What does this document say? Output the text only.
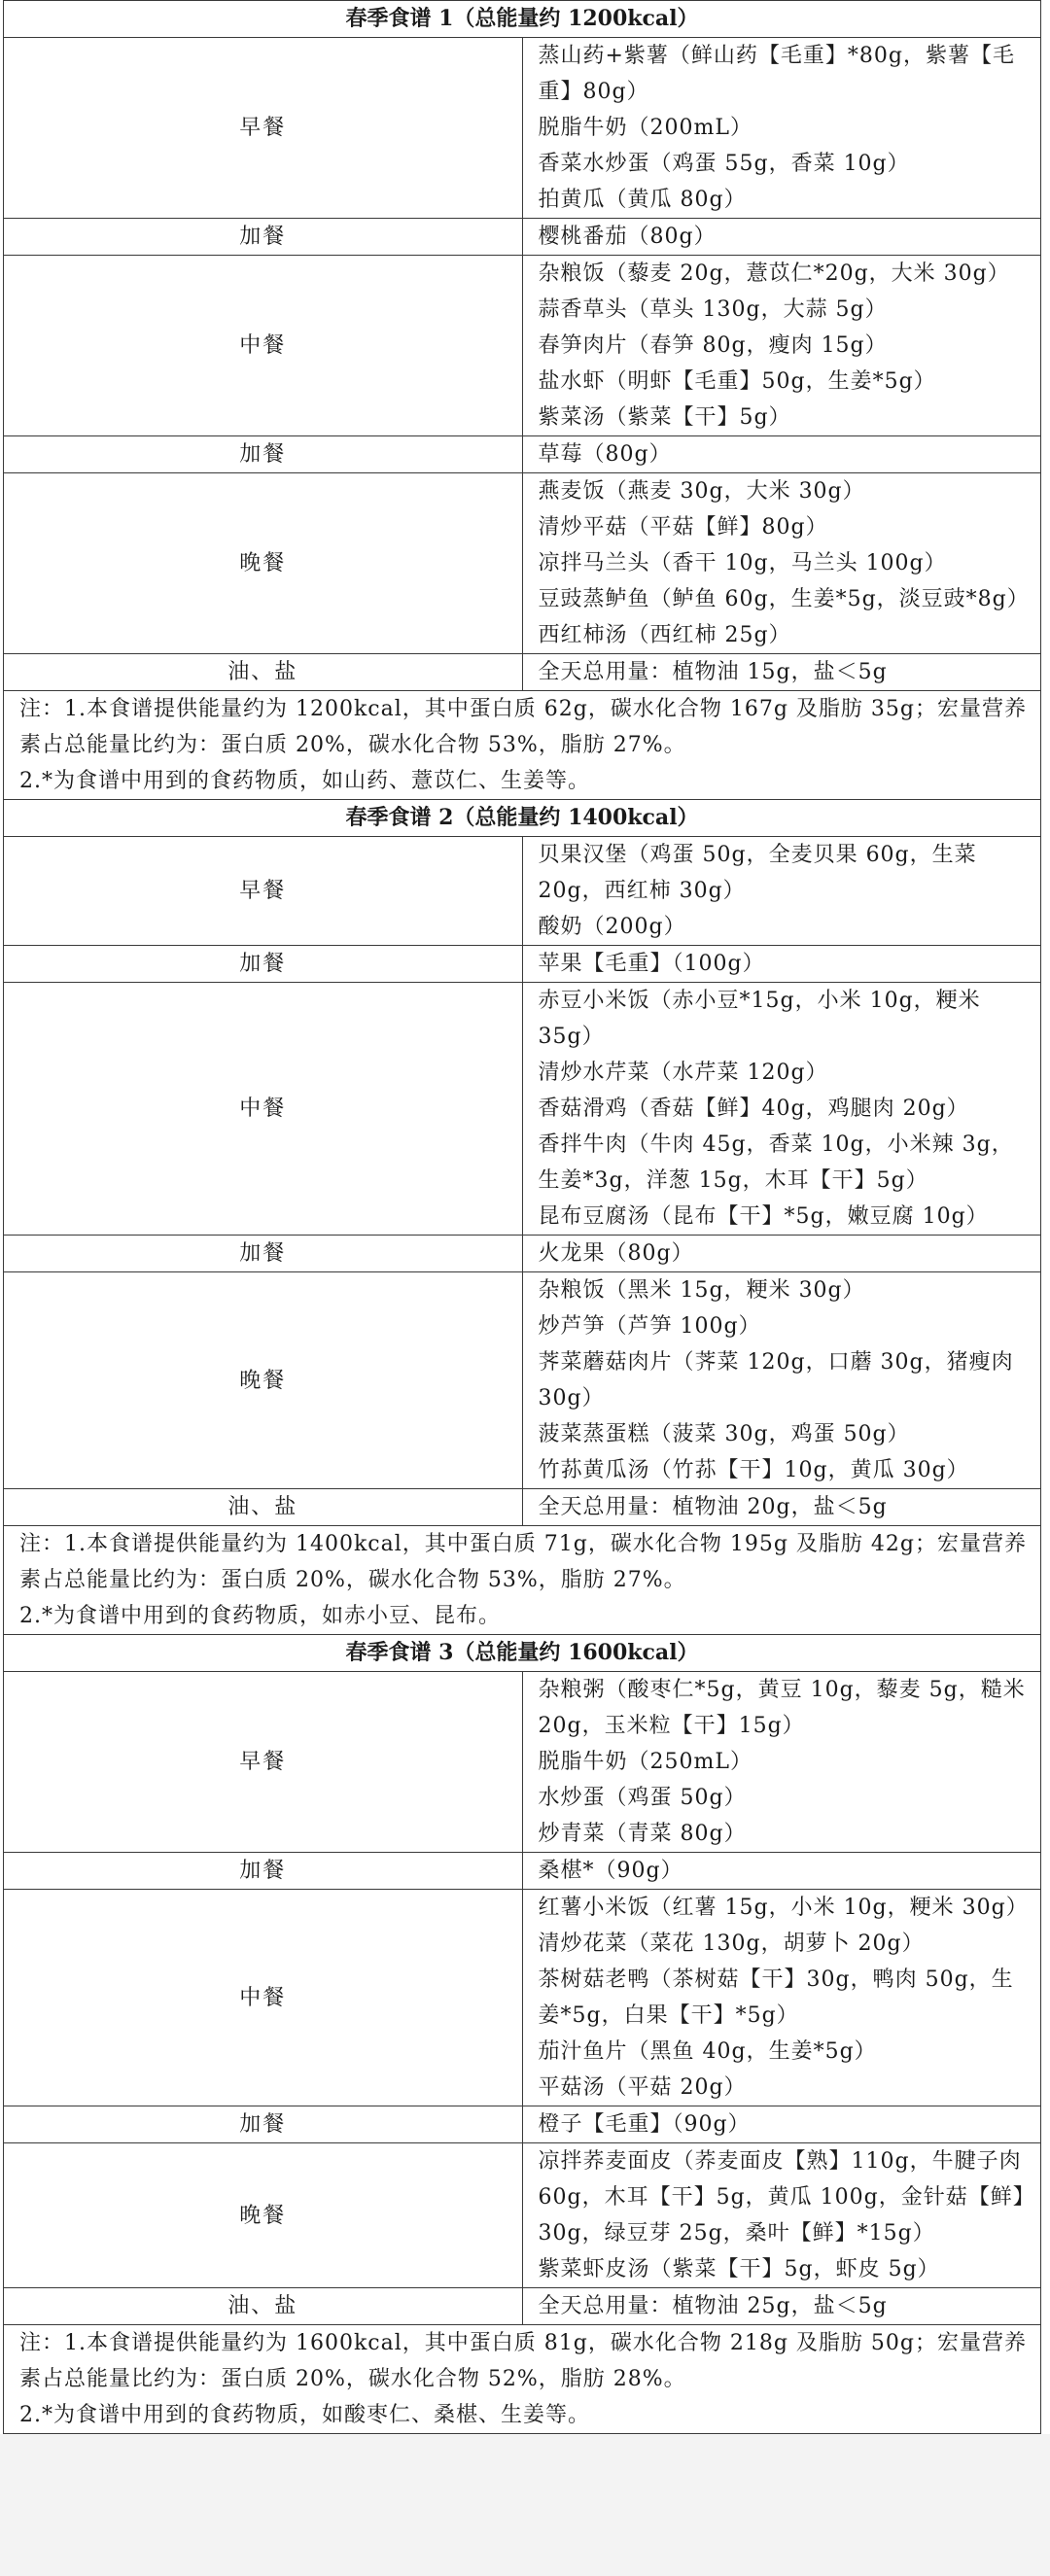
春季食谱 1（总能量约 1200kcal）	
早餐	蒸山药+紫薯（鲜山药【毛重】*80g，紫薯【毛重】80g）
脱脂牛奶（200mL）
香菜水炒蛋（鸡蛋 55g，香菜 10g）
拍黄瓜（黄瓜 80g）

加餐	樱桃番茄（80g）

中餐	杂粮饭（藜麦 20g，薏苡仁*20g，大米 30g）
蒜香草头（草头 130g，大蒜 5g）
春笋肉片（春笋 80g，瘦肉 15g）
盐水虾（明虾【毛重】50g，生姜*5g）
紫菜汤（紫菜【干】5g）

加餐	草莓（80g）

晚餐	燕麦饭（燕麦 30g，大米 30g）
清炒平菇（平菇【鲜】80g）
凉拌马兰头（香干 10g，马兰头 100g）
豆豉蒸鲈鱼（鲈鱼 60g，生姜*5g，淡豆豉*8g）
西红柿汤（西红柿 25g）

油、盐	全天总用量：植物油 15g，盐＜5g

注：1.本食谱提供能量约为 1200kcal，其中蛋白质 62g，碳水化合物 167g 及脂肪 35g；宏量营养素占总能量比约为：蛋白质 20%，碳水化合物 53%，脂肪 27%。
2.*为食谱中用到的食药物质，如山药、薏苡仁、生姜等。	

春季食谱 2（总能量约 1400kcal）	
早餐	贝果汉堡（鸡蛋 50g，全麦贝果 60g，生菜 20g，西红柿 30g）
酸奶（200g）

加餐	苹果【毛重】（100g）

中餐	赤豆小米饭（赤小豆*15g，小米 10g，粳米 35g）
清炒水芹菜（水芹菜 120g）
香菇滑鸡（香菇【鲜】40g，鸡腿肉 20g）
香拌牛肉（牛肉 45g，香菜 10g，小米辣 3g，生姜*3g，洋葱 15g，木耳【干】5g）
昆布豆腐汤（昆布【干】*5g，嫩豆腐 10g）

加餐	火龙果（80g）

晚餐	杂粮饭（黑米 15g，粳米 30g）
炒芦笋（芦笋 100g）
荠菜蘑菇肉片（荠菜 120g，口蘑 30g，猪瘦肉 30g）
菠菜蒸蛋糕（菠菜 30g，鸡蛋 50g）
竹荪黄瓜汤（竹荪【干】10g，黄瓜 30g）

油、盐	全天总用量：植物油 20g，盐＜5g

注：1.本食谱提供能量约为 1400kcal，其中蛋白质 71g，碳水化合物 195g 及脂肪 42g；宏量营养素占总能量比约为：蛋白质 20%，碳水化合物 53%，脂肪 27%。
2.*为食谱中用到的食药物质，如赤小豆、昆布。	

春季食谱 3（总能量约 1600kcal）	
早餐	杂粮粥（酸枣仁*5g，黄豆 10g，藜麦 5g，糙米 20g，玉米粒【干】15g）
脱脂牛奶（250mL）
水炒蛋（鸡蛋 50g）
炒青菜（青菜 80g）

加餐	桑椹*（90g）

中餐	红薯小米饭（红薯 15g，小米 10g，粳米 30g）
清炒花菜（菜花 130g，胡萝卜 20g）
茶树菇老鸭（茶树菇【干】30g，鸭肉 50g，生姜*5g，白果【干】*5g）
茄汁鱼片（黑鱼 40g，生姜*5g）
平菇汤（平菇 20g）

加餐	橙子【毛重】（90g）

晚餐	凉拌荞麦面皮（荞麦面皮【熟】110g，牛腱子肉 60g，木耳【干】5g，黄瓜 100g，金针菇【鲜】30g，绿豆芽 25g，桑叶【鲜】*15g）
紫菜虾皮汤（紫菜【干】5g，虾皮 5g）

油、盐	全天总用量：植物油 25g，盐＜5g

注：1.本食谱提供能量约为 1600kcal，其中蛋白质 81g，碳水化合物 218g 及脂肪 50g；宏量营养素占总能量比约为：蛋白质 20%，碳水化合物 52%，脂肪 28%。
2.*为食谱中用到的食药物质，如酸枣仁、桑椹、生姜等。	
